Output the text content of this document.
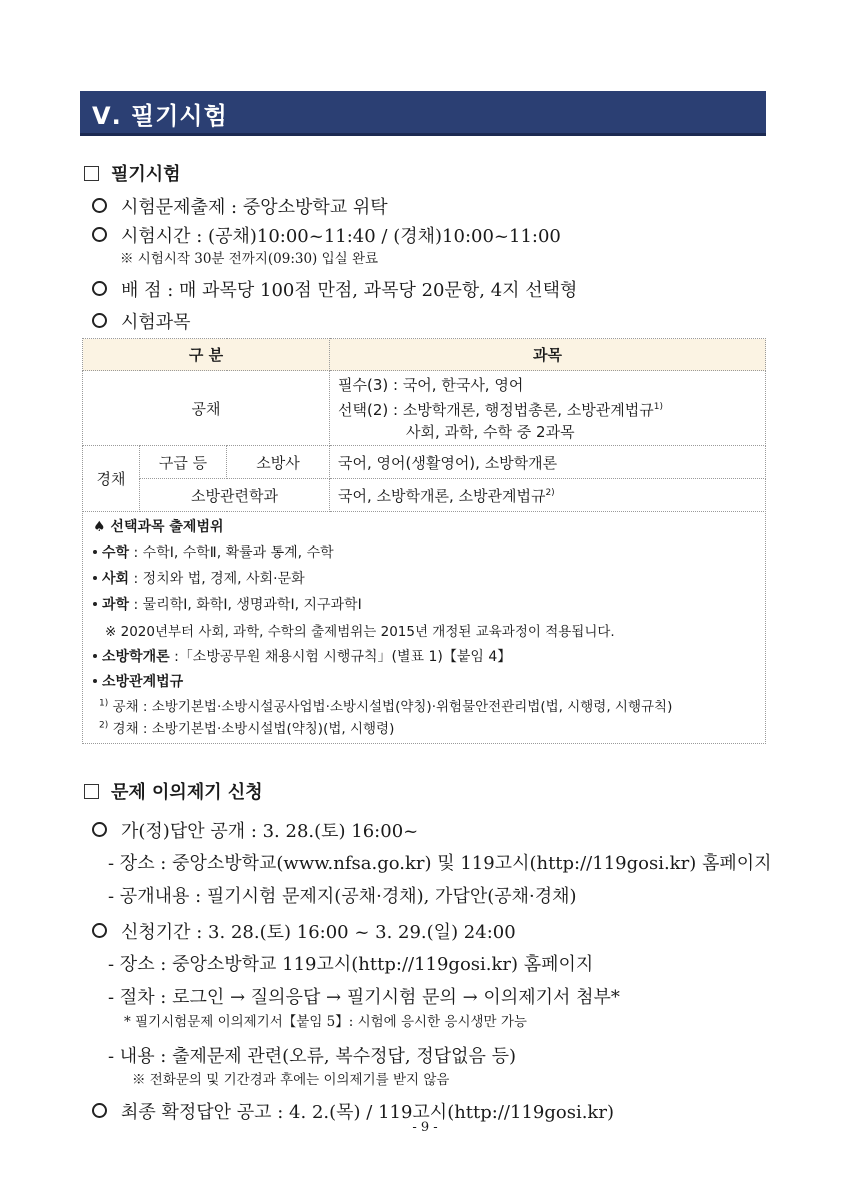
Ⅴ. 필기시험
필기시험
시험문제출제 : 중앙소방학교 위탁
시험시간 : (공채)10:00~11:40 / (경채)10:00~11:00
※ 시험시작 30분 전까지(09:30) 입실 완료
배 점 : 매 과목당 100점 만점, 과목당 20문항, 4지 선택형
시험과목
구 분			과목
공채			필수(3) : 국어, 한국사, 영어
선택(2) : 소방학개론, 행정법총론, 소방관계법규$^{1)}$
사회, 과학, 수학 중 2과목

경채	구급 등	소방사	국어, 영어(생활영어), 소방학개론
	소방관련학과		국어, 소방학개론, 소방관계법규$^{2)}$
♠ 선택과목 출제범위
수학 : 수학Ⅰ, 수학Ⅱ, 확률과 통계, 수학
사회 : 정치와 법, 경제, 사회·문화
과학 : 물리학Ⅰ, 화학Ⅰ, 생명과학Ⅰ, 지구과학Ⅰ
※ 2020년부터 사회, 과학, 수학의 출제범위는 2015년 개정된 교육과정이 적용됩니다.
소방학개론 :「소방공무원 채용시험 시행규칙」(별표 1)【붙임 4】
소방관계법규
$^{1)}$ 공채 : 소방기본법·소방시설공사업법·소방시설법(약칭)·위험물안전관리법(법, 시행령, 시행규칙)
$^{2)}$ 경채 : 소방기본법·소방시설법(약칭)(법, 시행령)
문제 이의제기 신청
가(정)답안 공개 : 3. 28.(토) 16:00~
- 장소 : 중앙소방학교(www.nfsa.go.kr) 및 119고시(http://119gosi.kr) 홈페이지
- 공개내용 : 필기시험 문제지(공채·경채), 가답안(공채·경채)
신청기간 : 3. 28.(토) 16:00 ~ 3. 29.(일) 24:00
- 장소 : 중앙소방학교 119고시(http://119gosi.kr) 홈페이지
- 절차 : 로그인 → 질의응답 → 필기시험 문의 → 이의제기서 첨부*
* 필기시험문제 이의제기서【붙임 5】: 시험에 응시한 응시생만 가능
- 내용 : 출제문제 관련(오류, 복수정답, 정답없음 등)
※ 전화문의 및 기간경과 후에는 이의제기를 받지 않음
최종 확정답안 공고 : 4. 2.(목) / 119고시(http://119gosi.kr)
- 9 -
